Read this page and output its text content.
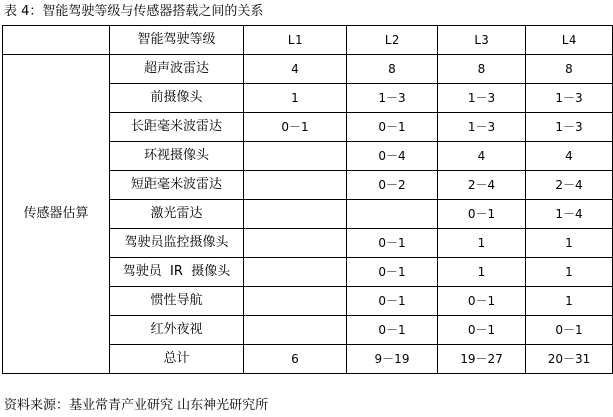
表 4：智能驾驶等级与传感器搭载之间的关系
	智能驾驶等级	L1	L2	L3	L4
传感器估算	超声波雷达	4	8	8	8
	前摄像头	1	1－3	1－3	1－3
	长距毫米波雷达	0－1	0－1	1－3	1－3
	环视摄像头		0－4	4	4
	短距毫米波雷达		0－2	2－4	2－4
	激光雷达			0－1	1－4
	驾驶员监控摄像头		0－1	1	1
	驾驶员  IR  摄像头		0－1	1	1
	惯性导航		0－1	0－1	1
	红外夜视		0－1	0－1	0－1
	总计	6	9－19	19－27	20－31
资料来源：基业常青产业研究 山东神光研究所
